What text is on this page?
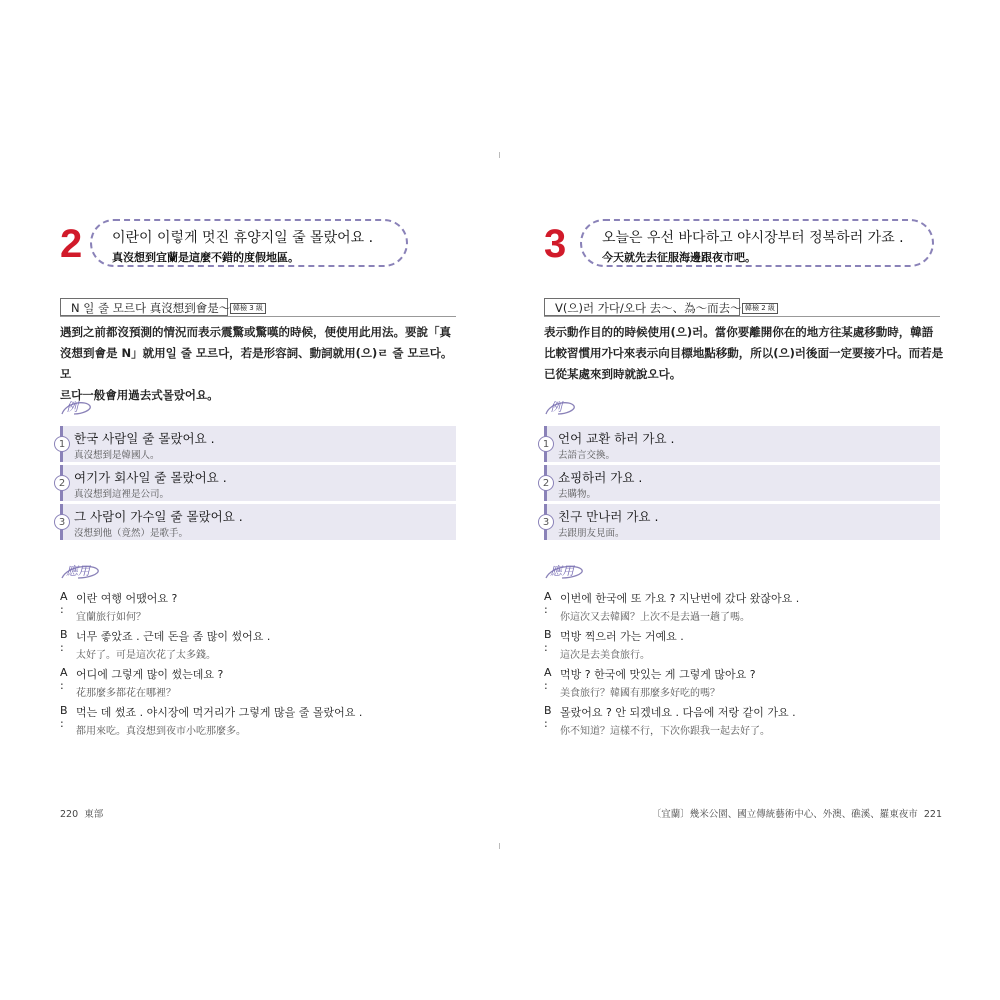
2 이란이 이렇게 멋진 휴양지일 줄 몰랐어요 .
真沒想到宜蘭是這麼不錯的度假地區。
N 일 줄 모르다 真沒想到會是～ 韓檢 3 級
遇到之前都沒預測的情況而表示震驚或驚嘆的時候，便使用此用法。要說「真
沒想到會是 N」就用일 줄 모르다，若是形容詞、動詞就用(으)ㄹ 줄 모르다。모
르다一般會用過去式몰랐어요。
例
1 한국 사람일 줄 몰랐어요 .
真沒想到是韓國人。
2 여기가 회사일 줄 몰랐어요 .
真沒想到這裡是公司。
3 그 사람이 가수일 줄 몰랐어요 .
沒想到他（竟然）是歌手。
應用
A :
이란 여행 어땠어요 ?
宜蘭旅行如何？
B :
너무 좋았죠 . 근데 돈을 좀 많이 썼어요 .
太好了。可是這次花了太多錢。
A :
어디에 그렇게 많이 썼는데요 ?
花那麼多都花在哪裡？
B :
먹는 데 썼죠 . 야시장에 먹거리가 그렇게 많을 줄 몰랐어요 .
都用來吃。真沒想到夜市小吃那麼多。
220 東部
3	오늘은 우선 바다하고 야시장부터 정복하러 가죠 .
今天就先去征服海邊跟夜市吧。
V(으)러 가다/오다 去～、為～而去～ 韓檢 2 級
表示動作目的的時候使用(으)러。當你要離開你在的地方往某處移動時，韓語
比較習慣用가다來表示向目標地點移動，所以(으)러後面一定要接가다。而若是
已從某處來到時就說오다。
例
1 언어 교환 하러 가요 .
去語言交換。
2 쇼핑하러 가요 .
去購物。
3 친구 만나러 가요 .
去跟朋友見面。
應用
A :
이번에 한국에 또 가요 ? 지난번에 갔다 왔잖아요 .
你這次又去韓國？上次不是去過一趟了嗎。
B :
먹방 찍으러 가는 거예요 .
這次是去美食旅行。
A :
먹방 ? 한국에 맛있는 게 그렇게 많아요 ?
美食旅行？韓國有那麼多好吃的嗎？
B :
몰랐어요 ? 안 되겠네요 . 다음에 저랑 같이 가요 .
你不知道？這樣不行，下次你跟我一起去好了。
〔宜蘭〕幾米公園、國立傳統藝術中心、外澳、礁溪、羅東夜市 221
